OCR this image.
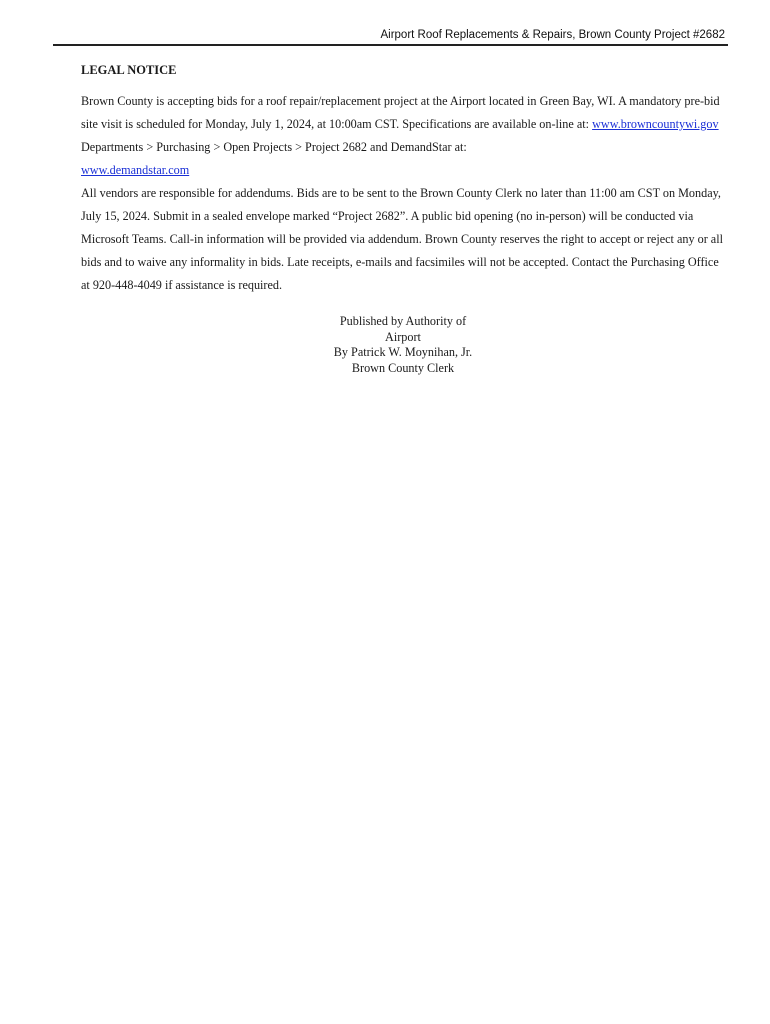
Airport Roof Replacements & Repairs, Brown County Project #2682
LEGAL NOTICE

Brown County is accepting bids for a roof repair/replacement project at the Airport located in Green Bay, WI. A mandatory pre-bid site visit is scheduled for Monday, July 1, 2024, at 10:00am CST. Specifications are available on-line at: www.browncountywi.gov Departments > Purchasing > Open Projects > Project 2682 and DemandStar at:
www.demandstar.com

All vendors are responsible for addendums. Bids are to be sent to the Brown County Clerk no later than 11:00 am CST on Monday, July 15, 2024. Submit in a sealed envelope marked “Project 2682”. A public bid opening (no in-person) will be conducted via Microsoft Teams. Call-in information will be provided via addendum. Brown County reserves the right to accept or reject any or all bids and to waive any informality in bids. Late receipts, e-mails and facsimiles will not be accepted. Contact the Purchasing Office at 920-448-4049 if assistance is required.

Published by Authority of
Airport
By Patrick W. Moynihan, Jr.
Brown County Clerk
